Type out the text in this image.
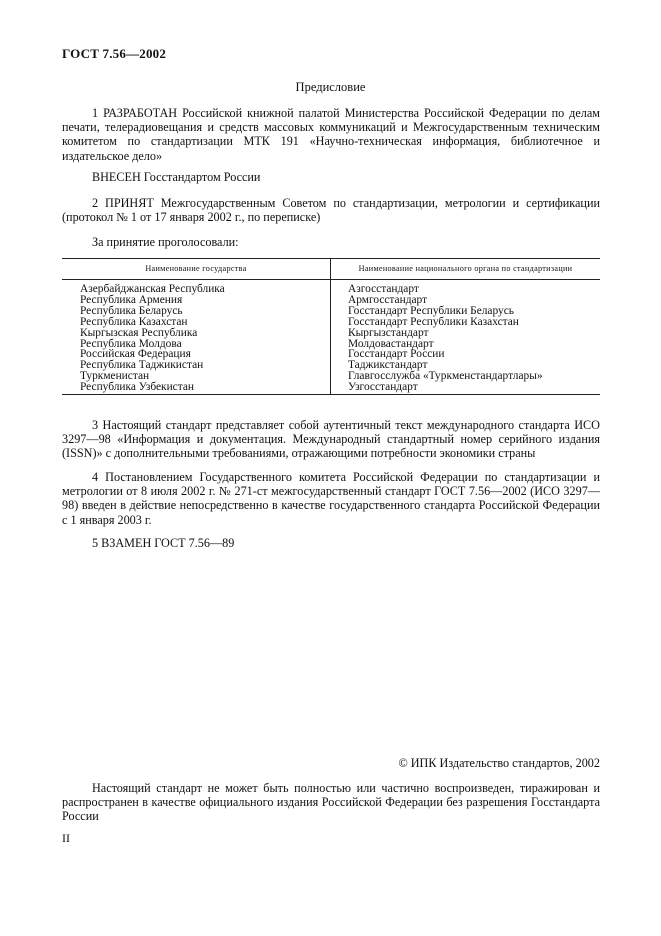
ГОСТ 7.56—2002
Предисловие

1 РАЗРАБОТАН Российской книжной палатой Министерства Российской Федерации по делам печати, телерадиовещания и средств массовых коммуникаций и Межгосударственным техническим комитетом по стандартизации МТК 191 «Научно-техническая информация, библиотечное и издательское дело»

ВНЕСЕН Госстандартом России

2 ПРИНЯТ Межгосударственным Советом по стандартизации, метрологии и сертификации (протокол № 1 от 17 января 2002 г., по переписке)

За принятие проголосовали:

Наименование государства	Наименование национального органа по стандартизации
Азербайджанская Республика	Азгосстандарт
Республика Армения	Армгосстандарт
Республика Беларусь	Госстандарт Республики Беларусь
Республика Казахстан	Госстандарт Республики Казахстан
Кыргызская Республика	Кыргызстандарт
Республика Молдова	Молдовастандарт
Российская Федерация	Госстандарт России
Республика Таджикистан	Таджикстандарт
Туркменистан	Главгосслужба «Туркменстандартлары»
Республика Узбекистан	Узгосстандарт

3 Настоящий стандарт представляет собой аутентичный текст международного стандарта ИСО 3297—98 «Информация и документация. Международный стандартный номер серийного издания (ISSN)» с дополнительными требованиями, отражающими потребности экономики страны

4 Постановлением Государственного комитета Российской Федерации по стандартизации и метрологии от 8 июля 2002 г. № 271-ст межгосударственный стандарт ГОСТ 7.56—2002 (ИСО 3297—98) введен в действие непосредственно в качестве государственного стандарта Российской Федерации с 1 января 2003 г.

5 ВЗАМЕН ГОСТ 7.56—89

© ИПК Издательство стандартов, 2002

Настоящий стандарт не может быть полностью или частично воспроизведен, тиражирован и распространен в качестве официального издания Российской Федерации без разрешения Госстандарта России

II
